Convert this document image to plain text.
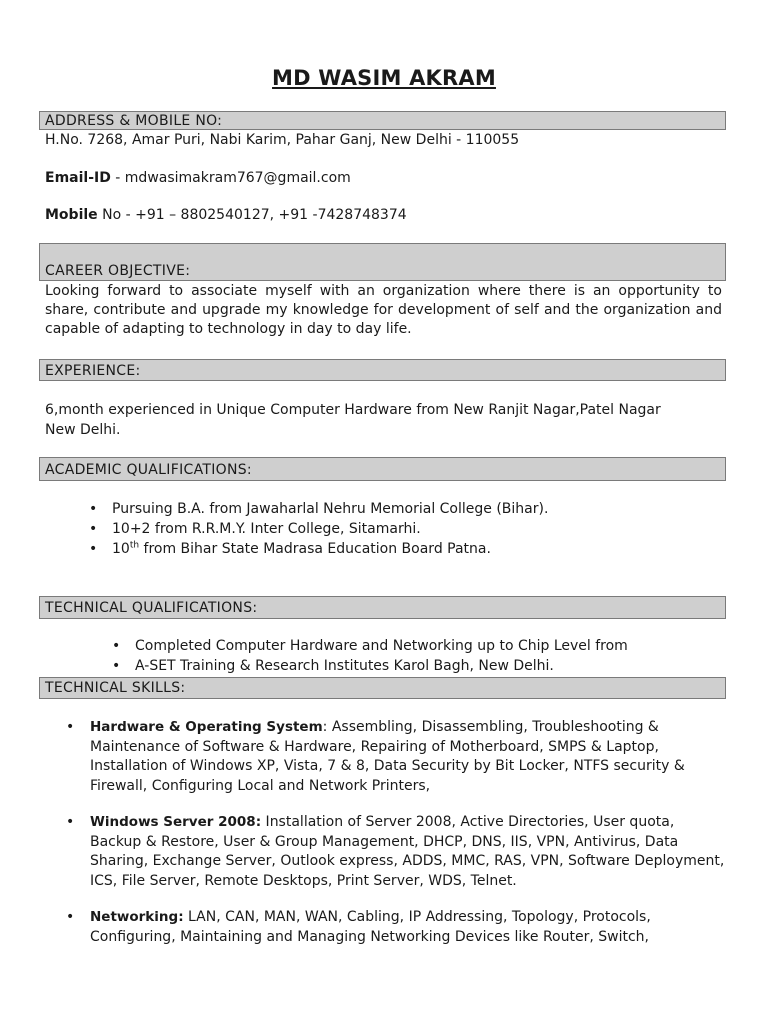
MD WASIM AKRAM
ADDRESS & MOBILE NO:
H.No. 7268, Amar Puri, Nabi Karim, Pahar Ganj, New Delhi - 110055
Email-ID - mdwasimakram767@gmail.com
Mobile No - +91 – 8802540127, +91 -7428748374
CAREER OBJECTIVE:
Looking forward to associate myself with an organization where there is an opportunity to share, contribute and upgrade my knowledge for development of self and the organization and capable of adapting to technology in day to day life.
EXPERIENCE:
6,month experienced in Unique Computer Hardware from New Ranjit Nagar,Patel Nagar
New Delhi.
ACADEMIC QUALIFICATIONS:
• Pursuing B.A. from Jawaharlal Nehru Memorial College (Bihar).
• 10+2 from R.R.M.Y. Inter College, Sitamarhi.
• 10th from Bihar State Madrasa Education Board Patna.
TECHNICAL QUALIFICATIONS:
• Completed Computer Hardware and Networking up to Chip Level from
• A-SET Training & Research Institutes Karol Bagh, New Delhi.
TECHNICAL SKILLS:
• Hardware & Operating System: Assembling, Disassembling, Troubleshooting & Maintenance of Software & Hardware, Repairing of Motherboard, SMPS & Laptop, Installation of Windows XP, Vista, 7 & 8, Data Security by Bit Locker, NTFS security & Firewall, Configuring Local and Network Printers,
• Windows Server 2008: Installation of Server 2008, Active Directories, User quota, Backup & Restore, User & Group Management, DHCP, DNS, IIS, VPN, Antivirus, Data Sharing, Exchange Server, Outlook express, ADDS, MMC, RAS, VPN, Software Deployment, ICS, File Server, Remote Desktops, Print Server, WDS, Telnet.
• Networking: LAN, CAN, MAN, WAN, Cabling, IP Addressing, Topology, Protocols, Configuring, Maintaining and Managing Networking Devices like Router, Switch,
